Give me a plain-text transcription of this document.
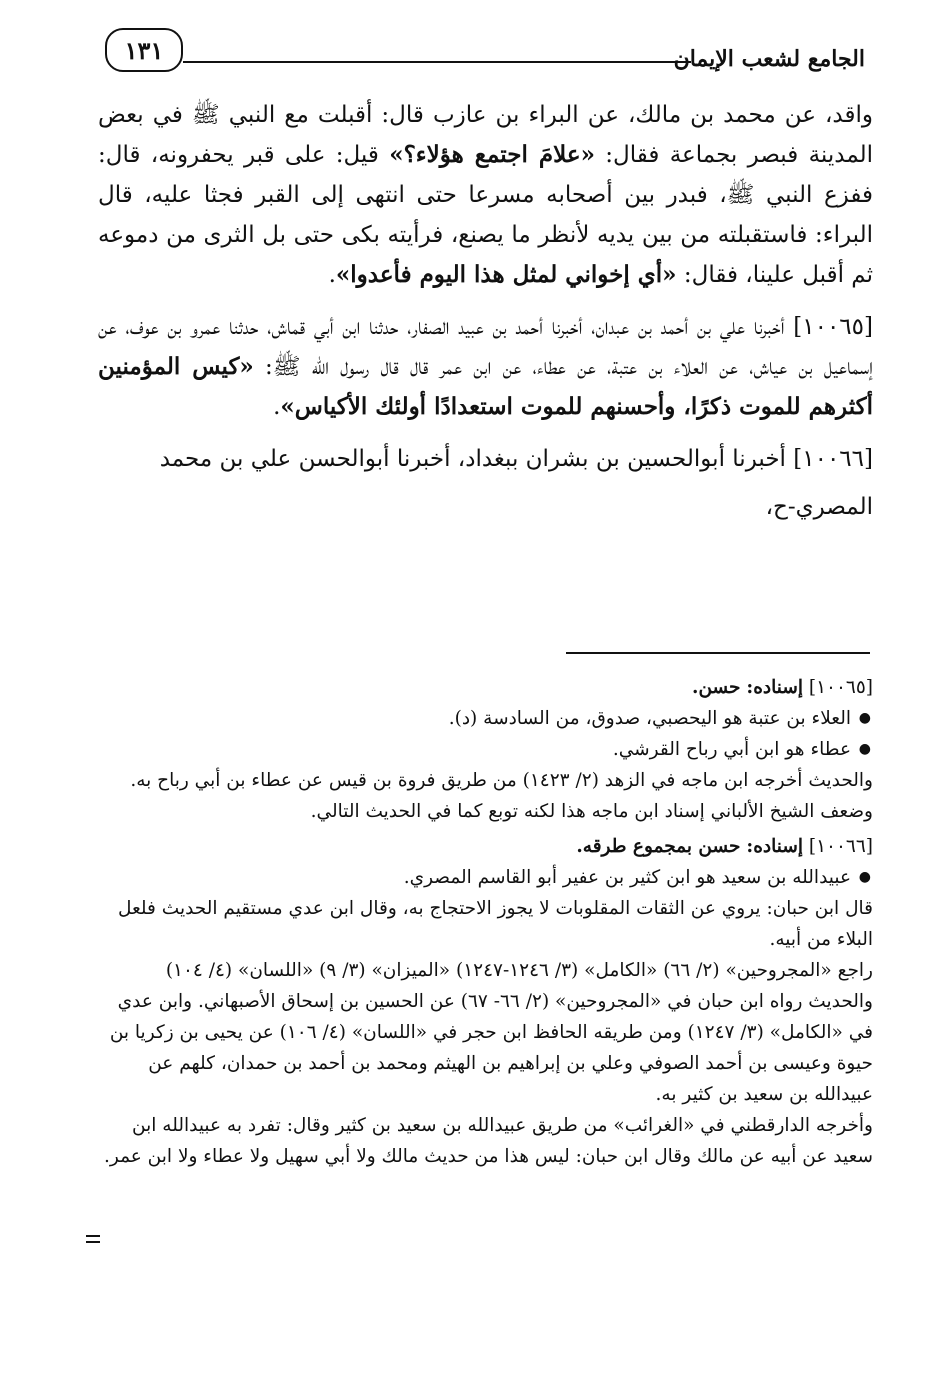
١٣١	الجامع لشعب الإيمان

واقد، عن محمد بن مالك، عن البراء بن عازب قال: أقبلت مع النبي ﷺ في بعض المدينة فبصر بجماعة فقال: «علامَ اجتمع هؤلاء؟» قيل: على قبر يحفرونه، قال: ففزع النبي ﷺ، فبدر بين أصحابه مسرعا حتى انتهى إلى القبر فجثا عليه، قال البراء: فاستقبلته من بين يديه لأنظر ما يصنع، فرأيته بكى حتى بل الثرى من دموعه ثم أقبل علينا، فقال: «أي إخواني لمثل هذا اليوم فأعدوا».

[١٠٠٦٥] أخبرنا علي بن أحمد بن عبدان، أخبرنا أحمد بن عبيد الصفار، حدثنا ابن أبي قماش، حدثنا عمرو بن عوف، عن إسماعيل بن عياش، عن العلاء بن عتبة، عن عطاء، عن ابن عمر قال قال رسول الله ﷺ: «كيس المؤمنين أكثرهم للموت ذكرًا، وأحسنهم للموت استعدادًا أولئك الأكياس».

[١٠٠٦٦] أخبرنا أبوالحسين بن بشران ببغداد، أخبرنا أبوالحسن علي بن محمد

المصري-ح،

[١٠٠٦٥] إسناده: حسن.

●
العلاء بن عتبة هو اليحصبي، صدوق، من السادسة (د).

●
عطاء هو ابن أبي رباح القرشي.

والحديث أخرجه ابن ماجه في الزهد (٢/ ١٤٢٣) من طريق فروة بن قيس عن عطاء بن أبي رباح به.

وضعف الشيخ الألباني إسناد ابن ماجه هذا لكنه توبع كما في الحديث التالي.

[١٠٠٦٦] إسناده: حسن بمجموع طرقه.

●
عبيدالله بن سعيد هو ابن كثير بن عفير أبو القاسم المصري.

قال ابن حبان: يروي عن الثقات المقلوبات لا يجوز الاحتجاج به، وقال ابن عدي مستقيم الحديث فلعل البلاء من أبيه.

راجع «المجروحين» (٢/ ٦٦) «الكامل» (٣/ ١٢٤٦-١٢٤٧) «الميزان» (٣/ ٩) «اللسان» (٤/ ١٠٤)

والحديث رواه ابن حبان في «المجروحين» (٢/ ٦٦- ٦٧) عن الحسين بن إسحاق الأصبهاني. وابن عدي في «الكامل» (٣/ ١٢٤٧) ومن طريقه الحافظ ابن حجر في «اللسان» (٤/ ١٠٦) عن يحيى بن زكريا بن حيوة وعيسى بن أحمد الصوفي وعلي بن إبراهيم بن الهيثم ومحمد بن أحمد بن حمدان، كلهم عن عبيدالله بن سعيد بن كثير به.

وأخرجه الدارقطني في «الغرائب» من طريق عبيدالله بن سعيد بن كثير وقال: تفرد به عبيدالله ابن سعيد عن أبيه عن مالك وقال ابن حبان: ليس هذا من حديث مالك ولا أبي سهيل ولا عطاء ولا ابن عمر.
